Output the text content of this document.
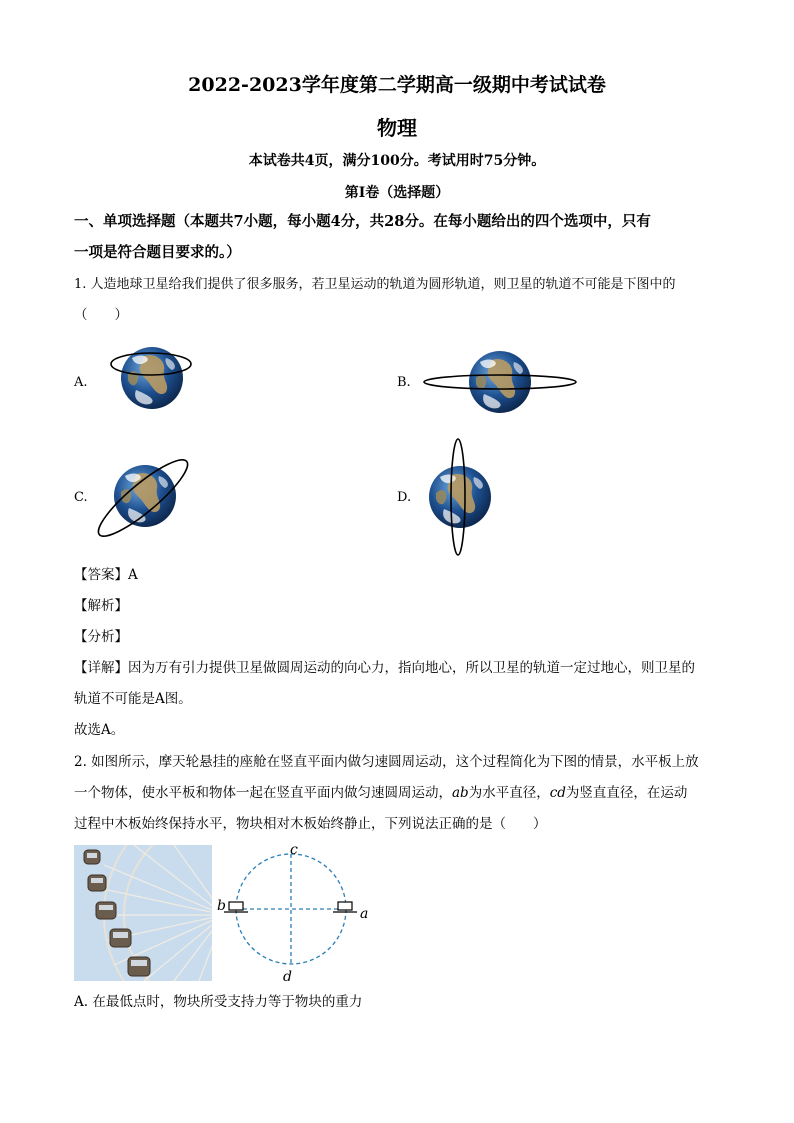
2022-2023学年度第二学期高一级期中考试试卷
物理
本试卷共4页，满分100分。考试用时75分钟。
第I卷（选择题）
一、单项选择题（本题共7小题，每小题4分，共28分。在每小题给出的四个选项中，只有
一项是符合题目要求的。）
1. 人造地球卫星给我们提供了很多服务，若卫星运动的轨道为圆形轨道，则卫星的轨道不可能是下图中的
（　　）
A.	B.
C.	D.
【答案】A
【解析】
【分析】
【详解】因为万有引力提供卫星做圆周运动的向心力，指向地心，所以卫星的轨道一定过地心，则卫星的
轨道不可能是A图。
故选A。
2. 如图所示，摩天轮悬挂的座舱在竖直平面内做匀速圆周运动，这个过程简化为下图的情景，水平板上放
一个物体，使水平板和物体一起在竖直平面内做匀速圆周运动，ab为水平直径，cd为竖直直径，在运动
过程中木板始终保持水平，物块相对木板始终静止，下列说法正确的是（　　）
b	a
c
d
A. 在最低点时，物块所受支持力等于物块的重力
